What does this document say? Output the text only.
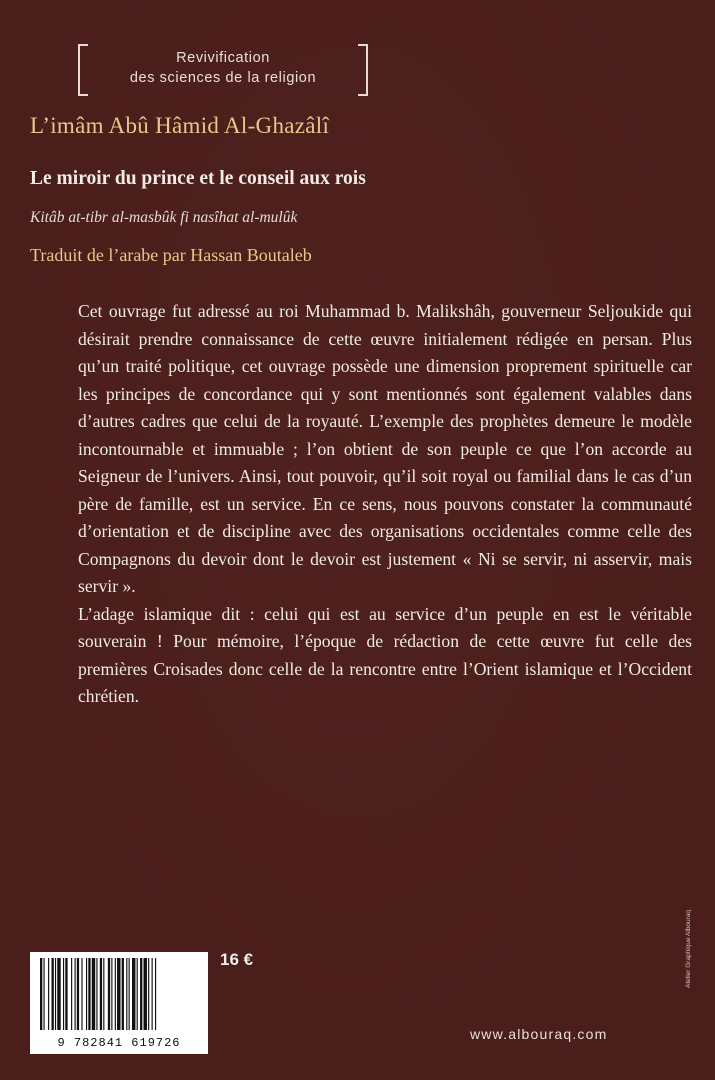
Revivification
des sciences de la religion
L’imâm Abû Hâmid Al-Ghazâlî
Le miroir du prince et le conseil aux rois
Kitâb at-tibr al-masbûk fi nasîhat al-mulûk
Traduit de l’arabe par Hassan Boutaleb

Cet ouvrage fut adressé au roi Muhammad b. Malikshâh, gouverneur Seljoukide qui désirait prendre connaissance de cette œuvre initialement rédigée en persan. Plus qu’un traité politique, cet ouvrage possède une dimension proprement spirituelle car les principes de concordance qui y sont mentionnés sont également valables dans d’autres cadres que celui de la royauté. L’exemple des prophètes demeure le modèle incontournable et immuable ; l’on obtient de son peuple ce que l’on accorde au Seigneur de l’univers. Ainsi, tout pouvoir, qu’il soit royal ou familial dans le cas d’un père de famille, est un service. En ce sens, nous pouvons constater la communauté d’orientation et de discipline avec des organisations occidentales comme celle des Compagnons du devoir dont le devoir est justement « Ni se servir, ni asservir, mais servir ».

L’adage islamique dit : celui qui est au service d’un peuple en est le véritable souverain ! Pour mémoire, l’époque de rédaction de cette œuvre fut celle des premières Croisades donc celle de la rencontre entre l’Orient islamique et l’Occident chrétien.

9 782841 619726
16 €
www.albouraq.com
Atelier Graphique Albouraq
